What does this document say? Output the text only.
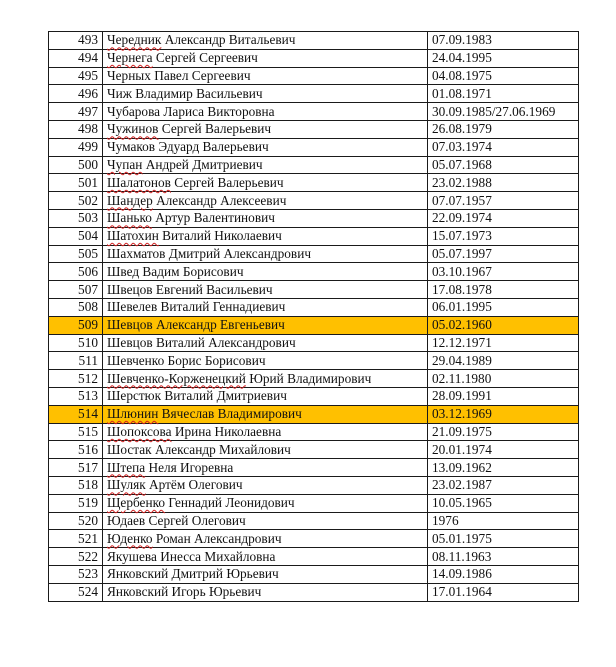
493	Чередник Александр Витальевич	07.09.1983
494	Чернега Сергей Сергеевич	24.04.1995
495	Черных Павел Сергеевич	04.08.1975
496	Чиж Владимир Васильевич	01.08.1971
497	Чубарова Лариса Викторовна	30.09.1985/27.06.1969
498	Чужинов Сергей Валерьевич	26.08.1979
499	Чумаков Эдуард Валерьевич	07.03.1974
500	Чупан Андрей Дмитриевич	05.07.1968
501	Шалатонов Сергей Валерьевич	23.02.1988
502	Шандер Александр Алексеевич	07.07.1957
503	Шанько Артур Валентинович	22.09.1974
504	Шатохин Виталий Николаевич	15.07.1973
505	Шахматов Дмитрий Александрович	05.07.1997
506	Швед Вадим Борисович	03.10.1967
507	Швецов Евгений Васильевич	17.08.1978
508	Шевелев Виталий Геннадиевич	06.01.1995
509	Шевцов Александр Евгеньевич	05.02.1960
510	Шевцов Виталий Александрович	12.12.1971
511	Шевченко Борис Борисович	29.04.1989
512	Шевченко-Корженецкий Юрий Владимирович	02.11.1980
513	Шерстюк Виталий Дмитриевич	28.09.1991
514	Шлюнин Вячеслав Владимирович	03.12.1969
515	Шопоксова Ирина Николаевна	21.09.1975
516	Шостак Александр Михайлович	20.01.1974
517	Штепа Неля Игоревна	13.09.1962
518	Шуляк Артём Олегович	23.02.1987
519	Щербенко Геннадий Леонидович	10.05.1965
520	Юдаев Сергей Олегович	1976
521	Юденко Роман Александрович	05.01.1975
522	Якушева Инесса Михайловна	08.11.1963
523	Янковский Дмитрий Юрьевич	14.09.1986
524	Янковский Игорь Юрьевич	17.01.1964
